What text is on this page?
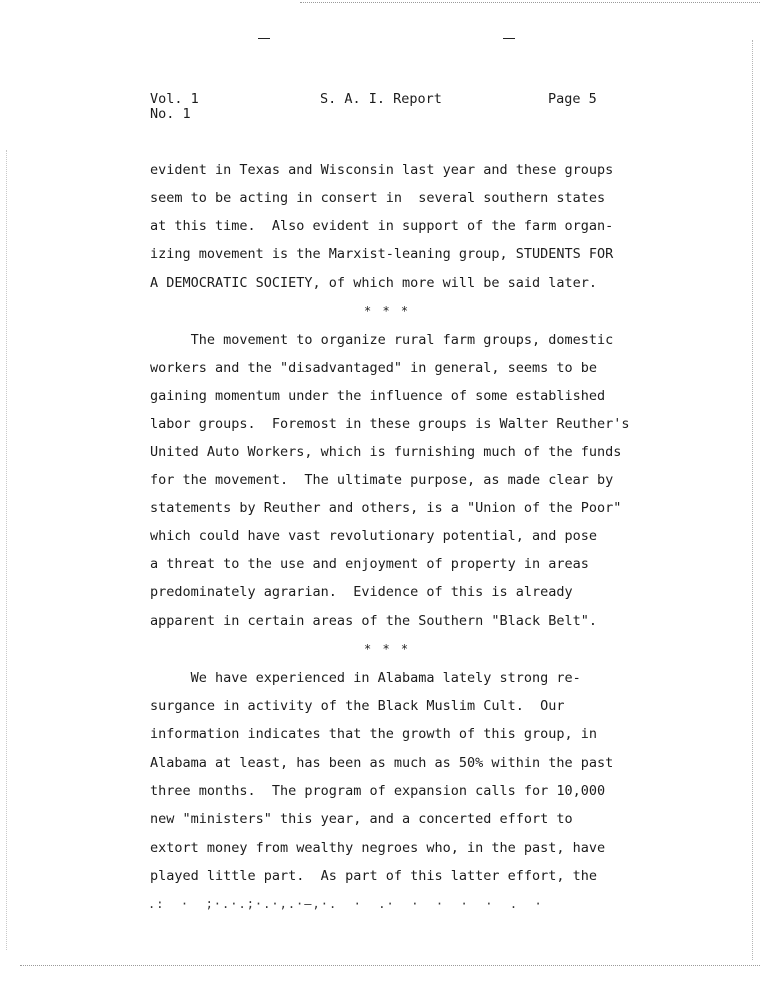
Vol. 1
No. 1
S. A. I. Report	Page 5
evident in Texas and Wisconsin last year and these groups
seem to be acting in consert in  several southern states
at this time.  Also evident in support of the farm organ-
izing movement is the Marxist-leaning group, STUDENTS FOR
A DEMOCRATIC SOCIETY, of which more will be said later.
* * *
The movement to organize rural farm groups, domestic
workers and the "disadvantaged" in general, seems to be
gaining momentum under the influence of some established
labor groups.  Foremost in these groups is Walter Reuther's
United Auto Workers, which is furnishing much of the funds
for the movement.  The ultimate purpose, as made clear by
statements by Reuther and others, is a "Union of the Poor"
which could have vast revolutionary potential, and pose
a threat to the use and enjoyment of property in areas
predominately agrarian.  Evidence of this is already
apparent in certain areas of the Southern "Black Belt".
* * *
We have experienced in Alabama lately strong re-
surgance in activity of the Black Muslim Cult.  Our
information indicates that the growth of this group, in
Alabama at least, has been as much as 50% within the past
three months.  The program of expansion calls for 10,000
new "ministers" this year, and a concerted effort to
extort money from wealthy negroes who, in the past, have
played little part.  As part of this latter effort, the
.:  ·  ;·.·.;·.·,.·—,·.  ·  .·  ·  ·  ·  ·  .  ·
